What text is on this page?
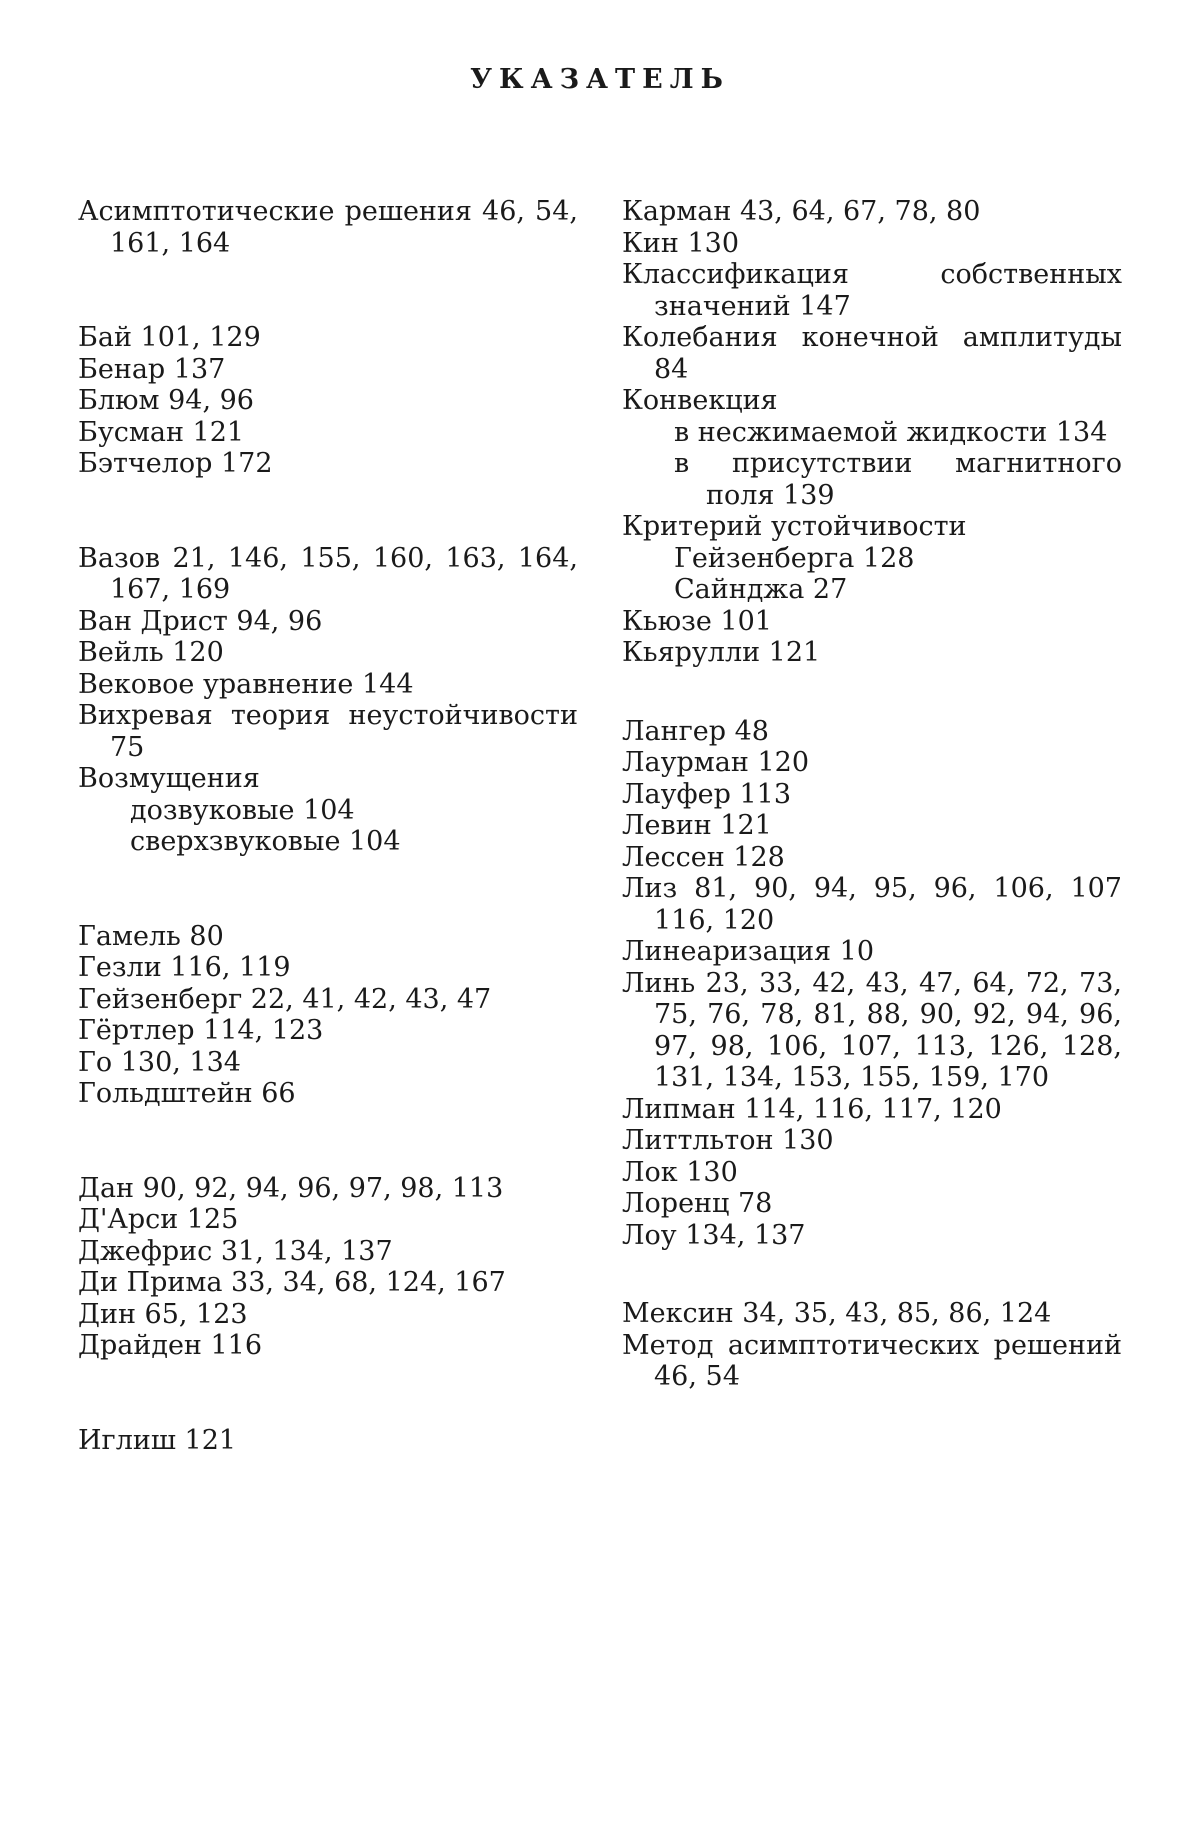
УКАЗАТЕЛЬ

Асимптотические решения 46, 54, 161, 164

Бай 101, 129

Бенар 137

Блюм 94, 96

Бусман 121

Бэтчелор 172

Вазов 21, 146, 155, 160, 163, 164, 167, 169

Ван Дрист 94, 96

Вейль 120

Вековое уравнение 144

Вихревая теория неустойчивости 75

Возмущения

дозвуковые 104

сверхзвуковые 104

Гамель 80

Гезли 116, 119

Гейзенберг 22, 41, 42, 43, 47

Гёртлер 114, 123

Го 130, 134

Гольдштейн 66

Дан 90, 92, 94, 96, 97, 98, 113

Д'Арси 125

Джефрис 31, 134, 137

Ди Прима 33, 34, 68, 124, 167

Дин 65, 123

Драйден 116

Иглиш 121

Карман 43, 64, 67, 78, 80

Кин 130

Классификация собственных значений 147

Колебания конечной амплитуды 84

Конвекция

в несжимаемой жидкости 134

в присутствии магнитного поля 139

Критерий устойчивости

Гейзенберга 128

Сайнджа 27

Кьюзе 101

Кьярулли 121

Лангер 48

Лаурман 120

Лауфер 113

Левин 121

Лессен 128

Лиз 81, 90, 94, 95, 96, 106, 107 116, 120

Линеаризация 10

Линь 23, 33, 42, 43, 47, 64, 72, 73, 75, 76, 78, 81, 88, 90, 92, 94, 96, 97, 98, 106, 107, 113, 126, 128, 131, 134, 153, 155, 159, 170

Липман 114, 116, 117, 120

Литтльтон 130

Лок 130

Лоренц 78

Лоу 134, 137

Мексин 34, 35, 43, 85, 86, 124

Метод асимптотических решений 46, 54
